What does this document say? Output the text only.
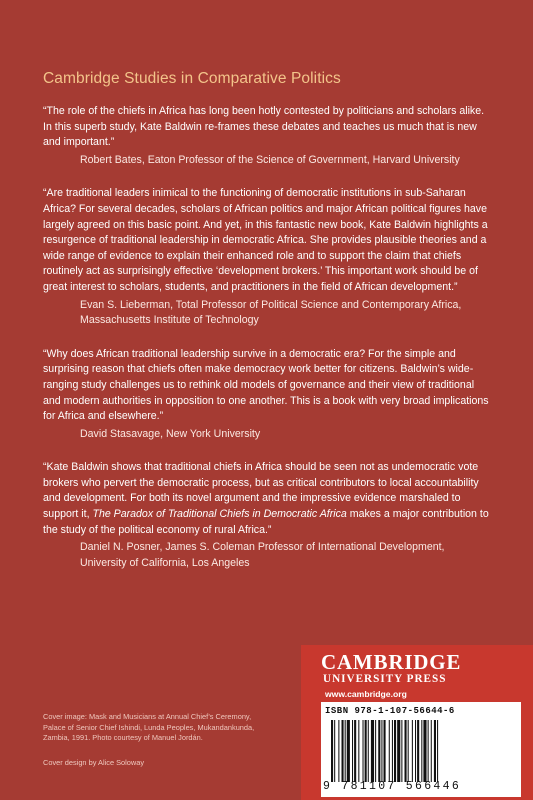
Cambridge Studies in Comparative Politics

“The role of the chiefs in Africa has long been hotly contested by politicians and scholars alike. In this superb study, Kate Baldwin re-frames these debates and teaches us much that is new and important.”

Robert Bates, Eaton Professor of the Science of Government, Harvard University

“Are traditional leaders inimical to the functioning of democratic institutions in sub-Saharan Africa? For several decades, scholars of African politics and major African political figures have largely agreed on this basic point. And yet, in this fantastic new book, Kate Baldwin highlights a resurgence of traditional leadership in democratic Africa. She provides plausible theories and a wide range of evidence to explain their enhanced role and to support the claim that chiefs routinely act as surprisingly effective ‘development brokers.’ This important work should be of great interest to scholars, students, and practitioners in the field of African development.”

Evan S. Lieberman, Total Professor of Political Science and Contemporary Africa,
Massachusetts Institute of Technology

“Why does African traditional leadership survive in a democratic era? For the simple and surprising reason that chiefs often make democracy work better for citizens. Baldwin’s wide-ranging study challenges us to rethink old models of governance and their view of traditional and modern authorities in opposition to one another. This is a book with very broad implications for Africa and elsewhere.”

David Stasavage, New York University

“Kate Baldwin shows that traditional chiefs in Africa should be seen not as undemocratic vote brokers who pervert the democratic process, but as critical contributors to local accountability and development. For both its novel argument and the impressive evidence marshaled to support it, The Paradox of Traditional Chiefs in Democratic Africa makes a major contribution to the study of the political economy of rural Africa.”

Daniel N. Posner, James S. Coleman Professor of International Development,
University of California, Los Angeles
Cover image: Mask and Musicians at Annual Chief’s Ceremony, Palace of Senior Chief Ishindi, Lunda Peoples, Mukandankunda, Zambia, 1991. Photo courtesy of Manuel Jordán.
Cover design by Alice Soloway
CAMBRIDGE
UNIVERSITY PRESS
www.cambridge.org
ISBN 978-1-107-56644-6
9 781107 566446
